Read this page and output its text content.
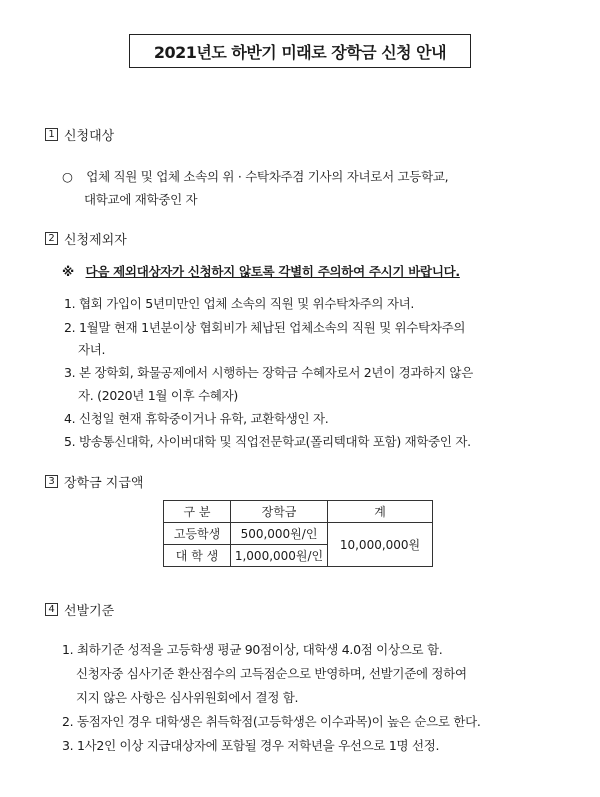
2021년도 하반기 미래로 장학금 신청 안내
1 신청대상
○ 업체 직원 및 업체 소속의 위 · 수탁차주겸 기사의 자녀로서 고등학교,
대학교에 재학중인 자
2 신청제외자
※ 다음 제외대상자가 신청하지 않토록 각별히 주의하여 주시기 바랍니다.
1. 협회 가입이 5년미만인 업체 소속의 직원 및 위수탁차주의 자녀.
2. 1월말 현재 1년분이상 협회비가 체납된 업체소속의 직원 및 위수탁차주의
자녀.
3. 본 장학회, 화물공제에서 시행하는 장학금 수혜자로서 2년이 경과하지 않은
자. (2020년 1월 이후 수혜자)
4. 신청일 현재 휴학중이거나 유학, 교환학생인 자.
5. 방송통신대학, 사이버대학 및 직업전문학교(폴리텍대학 포함) 재학중인 자.
3 장학금 지급액
구 분	장학금	계
고등학생	500,000원/인	10,000,000원
대 학 생	1,000,000원/인	
4 선발기준
1. 최하기준 성적을 고등학생 평균 90점이상, 대학생 4.0점 이상으로 함.
신청자중 심사기준 환산점수의 고득점순으로 반영하며, 선발기준에 정하여
지지 않은 사항은 심사위원회에서 결정 함.
2. 동점자인 경우 대학생은 취득학점(고등학생은 이수과목)이 높은 순으로 한다.
3. 1사2인 이상 지급대상자에 포함될 경우 저학년을 우선으로 1명 선정.
